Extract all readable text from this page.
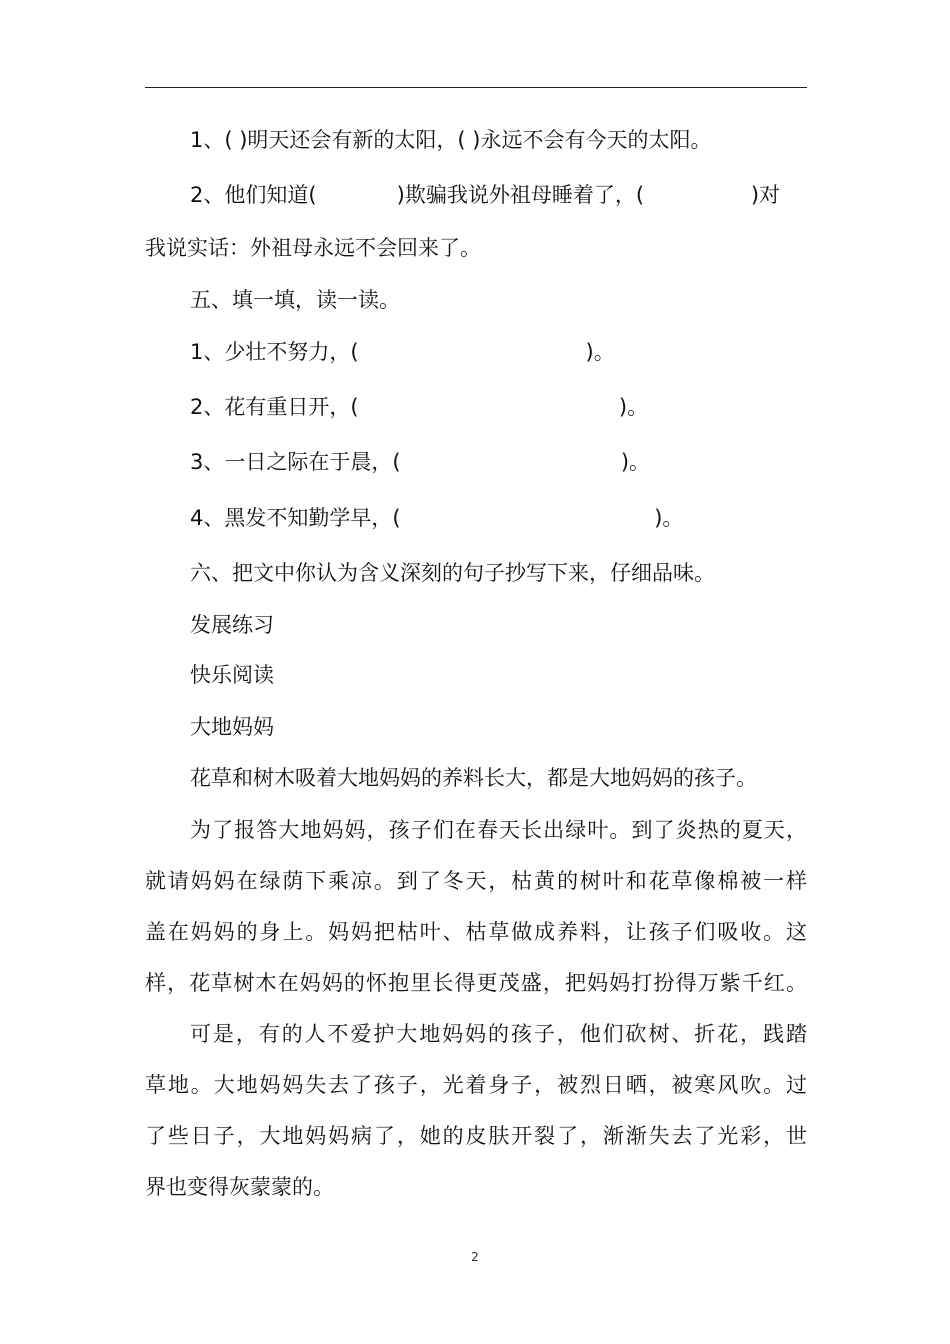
1、( )明天还会有新的太阳，( )永远不会有今天的太阳。

2、他们知道(            )欺骗我说外祖母睡着了，(                )对

我说实话：外祖母永远不会回来了。

五、填一填，读一读。

1、少壮不努力，(                                  )。

2、花有重日开，(                                       )。

3、一日之际在于晨，(                                 )。

4、黑发不知勤学早，(                                      )。

六、把文中你认为含义深刻的句子抄写下来，仔细品味。

发展练习

快乐阅读

大地妈妈

花草和树木吸着大地妈妈的养料长大，都是大地妈妈的孩子。

为了报答大地妈妈，孩子们在春天长出绿叶。到了炎热的夏天，

就请妈妈在绿荫下乘凉。到了冬天，枯黄的树叶和花草像棉被一样

盖在妈妈的身上。妈妈把枯叶、枯草做成养料，让孩子们吸收。这

样，花草树木在妈妈的怀抱里长得更茂盛，把妈妈打扮得万紫千红。

可是，有的人不爱护大地妈妈的孩子，他们砍树、折花，践踏

草地。大地妈妈失去了孩子，光着身子，被烈日晒，被寒风吹。过

了些日子，大地妈妈病了，她的皮肤开裂了，渐渐失去了光彩，世

界也变得灰蒙蒙的。

2
